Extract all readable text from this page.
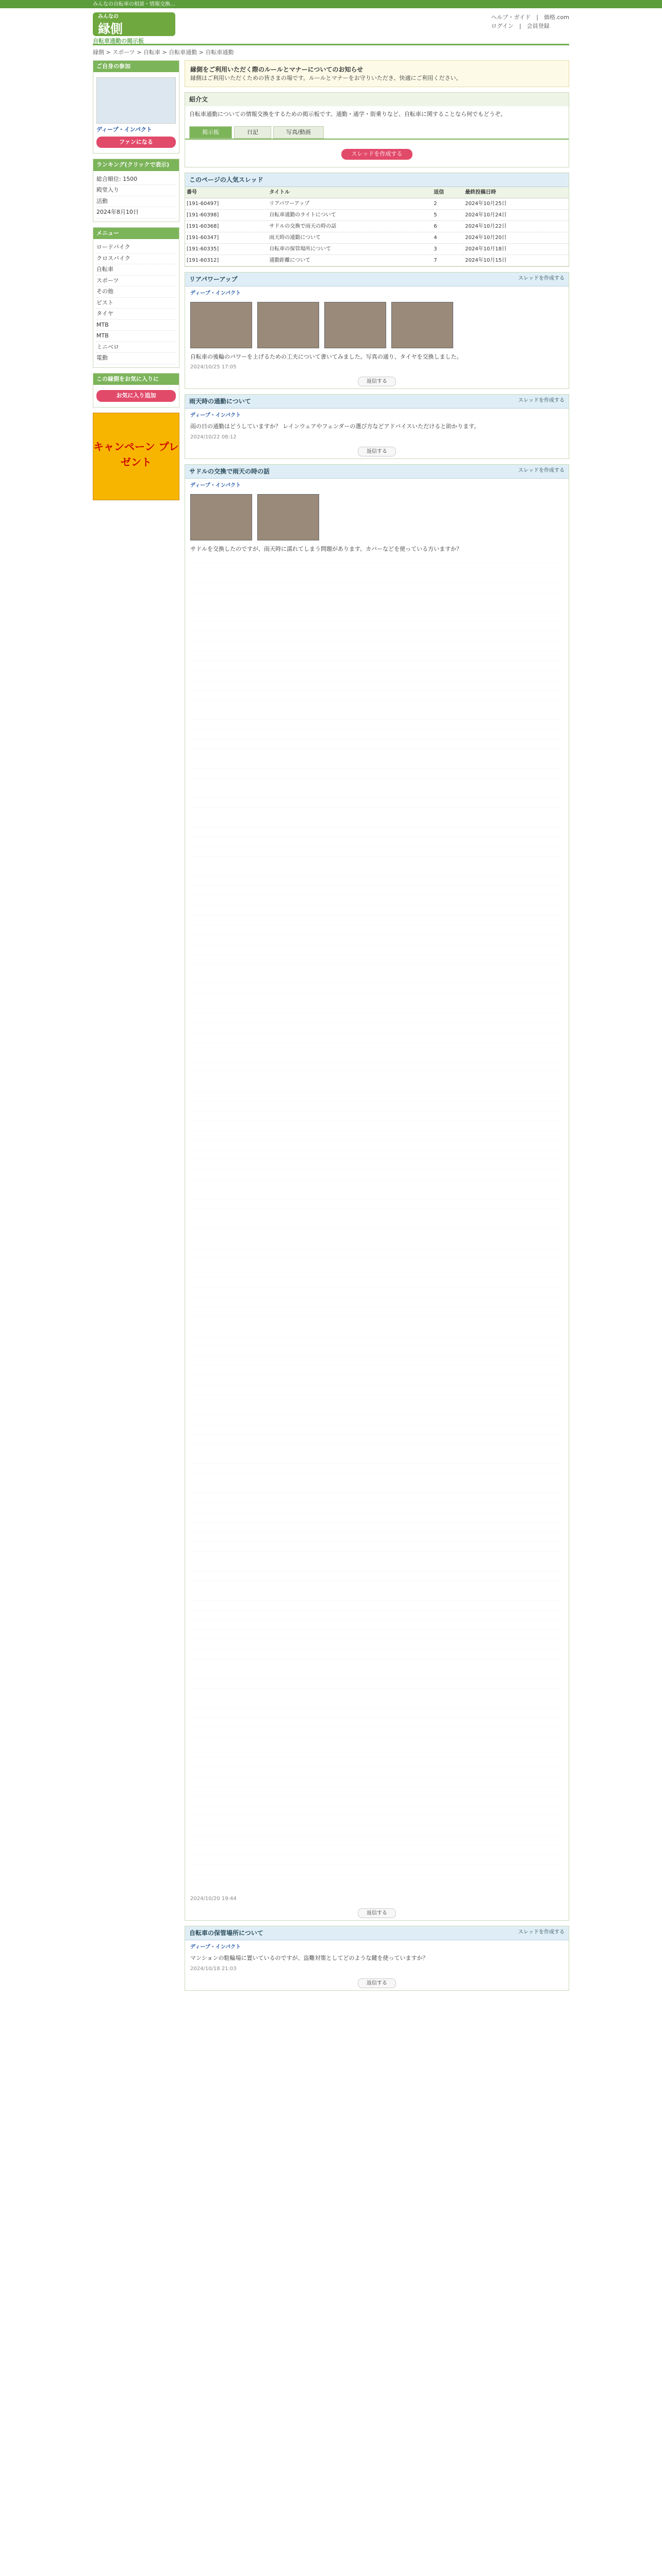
みんなの自転車の相談・情報交換…
みんなの
縁側
自転車通勤の掲示板
ヘルプ・ガイド　|　価格.com
ログイン　|　会員登録
縁側 > スポーツ > 自転車 > 自転車通勤 > 自転車通勤
ご自身の参加
ディープ・インパクト
ファンになる
ランキング(クリックで表示)
総合順位: 1500
殿堂入り
活動
2024年8月10日
メニュー
ロードバイク
クロスバイク
自転車
スポーツ
その他
ピスト
タイヤ
MTB
MTB
ミニベロ
電動
この縁側をお気に入りに
お気に入り追加
キャンペーン プレゼント
縁側をご利用いただく際のルールとマナーについてのお知らせ
縁側はご利用いただくための皆さまの場です。ルールとマナーをお守りいただき、快適にご利用ください。
紹介文

自転車通勤についての情報交換をするための掲示板です。通勤・通学・街乗りなど、自転車に関することなら何でもどうぞ。

掲示板	日記	写真/動画
スレッドを作成する
このページの人気スレッド
番号	タイトル	返信	最終投稿日時
[191-60497]	リアパワーアップ	2	2024年10月25日
[191-60398]	自転車通勤のライトについて	5	2024年10月24日
[191-60368]	サドルの交換で雨天の時の話	6	2024年10月22日
[191-60347]	雨天時の通勤について	4	2024年10月20日
[191-60335]	自転車の保管場所について	3	2024年10月18日
[191-60312]	通勤距離について	7	2024年10月15日
リアパワーアップ	スレッドを作成する
ディープ・インパクト

自転車の後輪のパワーを上げるための工夫について書いてみました。写真の通り、タイヤを交換しました。

2024/10/25 17:05
返信する
雨天時の通勤について	スレッドを作成する
ディープ・インパクト

雨の日の通勤はどうしていますか？ レインウェアやフェンダーの選び方などアドバイスいただけると助かります。

2024/10/22 08:12
返信する
サドルの交換で雨天の時の話	スレッドを作成する
ディープ・インパクト

サドルを交換したのですが、雨天時に濡れてしまう問題があります。カバーなどを使っている方いますか？

2024/10/20 19:44
返信する
自転車の保管場所について	スレッドを作成する
ディープ・インパクト

マンションの駐輪場に置いているのですが、盗難対策としてどのような鍵を使っていますか？

2024/10/18 21:03
返信する
